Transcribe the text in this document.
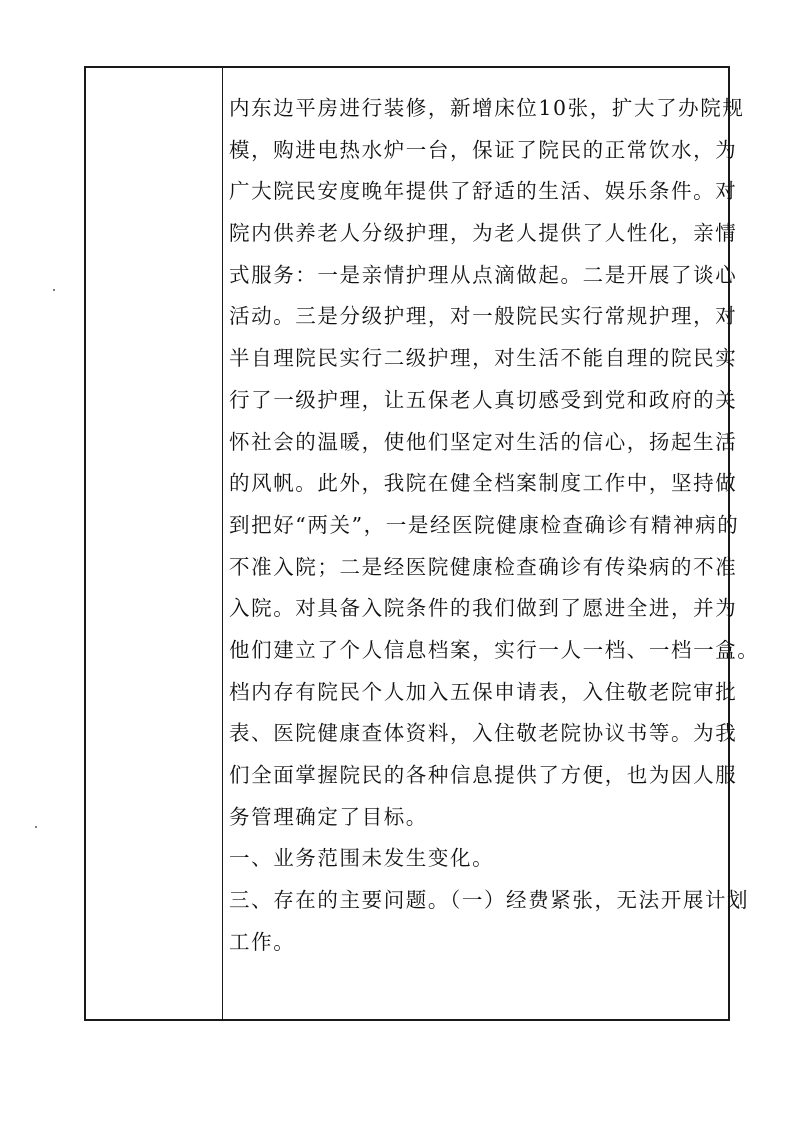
内东边平房进行装修，新增床位10张，扩大了办院规
模，购进电热水炉一台，保证了院民的正常饮水，为
广大院民安度晚年提供了舒适的生活、娱乐条件。对
院内供养老人分级护理，为老人提供了人性化，亲情
式服务：一是亲情护理从点滴做起。二是开展了谈心
活动。三是分级护理，对一般院民实行常规护理，对
半自理院民实行二级护理，对生活不能自理的院民实
行了一级护理，让五保老人真切感受到党和政府的关
怀社会的温暖，使他们坚定对生活的信心，扬起生活
的风帆。此外，我院在健全档案制度工作中，坚持做
到把好“两关”，一是经医院健康检查确诊有精神病的
不准入院；二是经医院健康检查确诊有传染病的不准
入院。对具备入院条件的我们做到了愿进全进，并为
他们建立了个人信息档案，实行一人一档、一档一盒。
档内存有院民个人加入五保申请表，入住敬老院审批
表、医院健康查体资料，入住敬老院协议书等。为我
们全面掌握院民的各种信息提供了方便，也为因人服
务管理确定了目标。
一、业务范围未发生变化。
三、存在的主要问题。（一）经费紧张，无法开展计划
工作。
